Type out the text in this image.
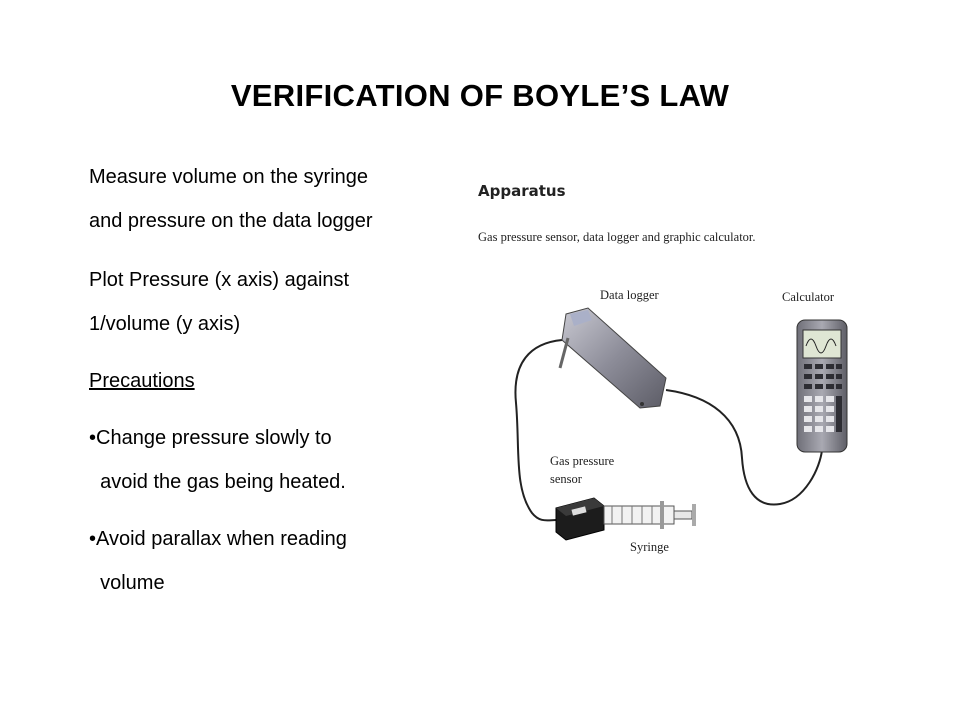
VERIFICATION OF BOYLE’S LAW
Measure volume on the syringe
and pressure on the data logger
Plot Pressure (x axis) against
1/volume (y axis)
Precautions
•Change pressure slowly to
avoid the gas being heated.
•Avoid parallax when reading
volume
Apparatus
Gas pressure sensor, data logger and graphic calculator.
Data logger	Calculator
Gas pressure
sensor
Syringe
